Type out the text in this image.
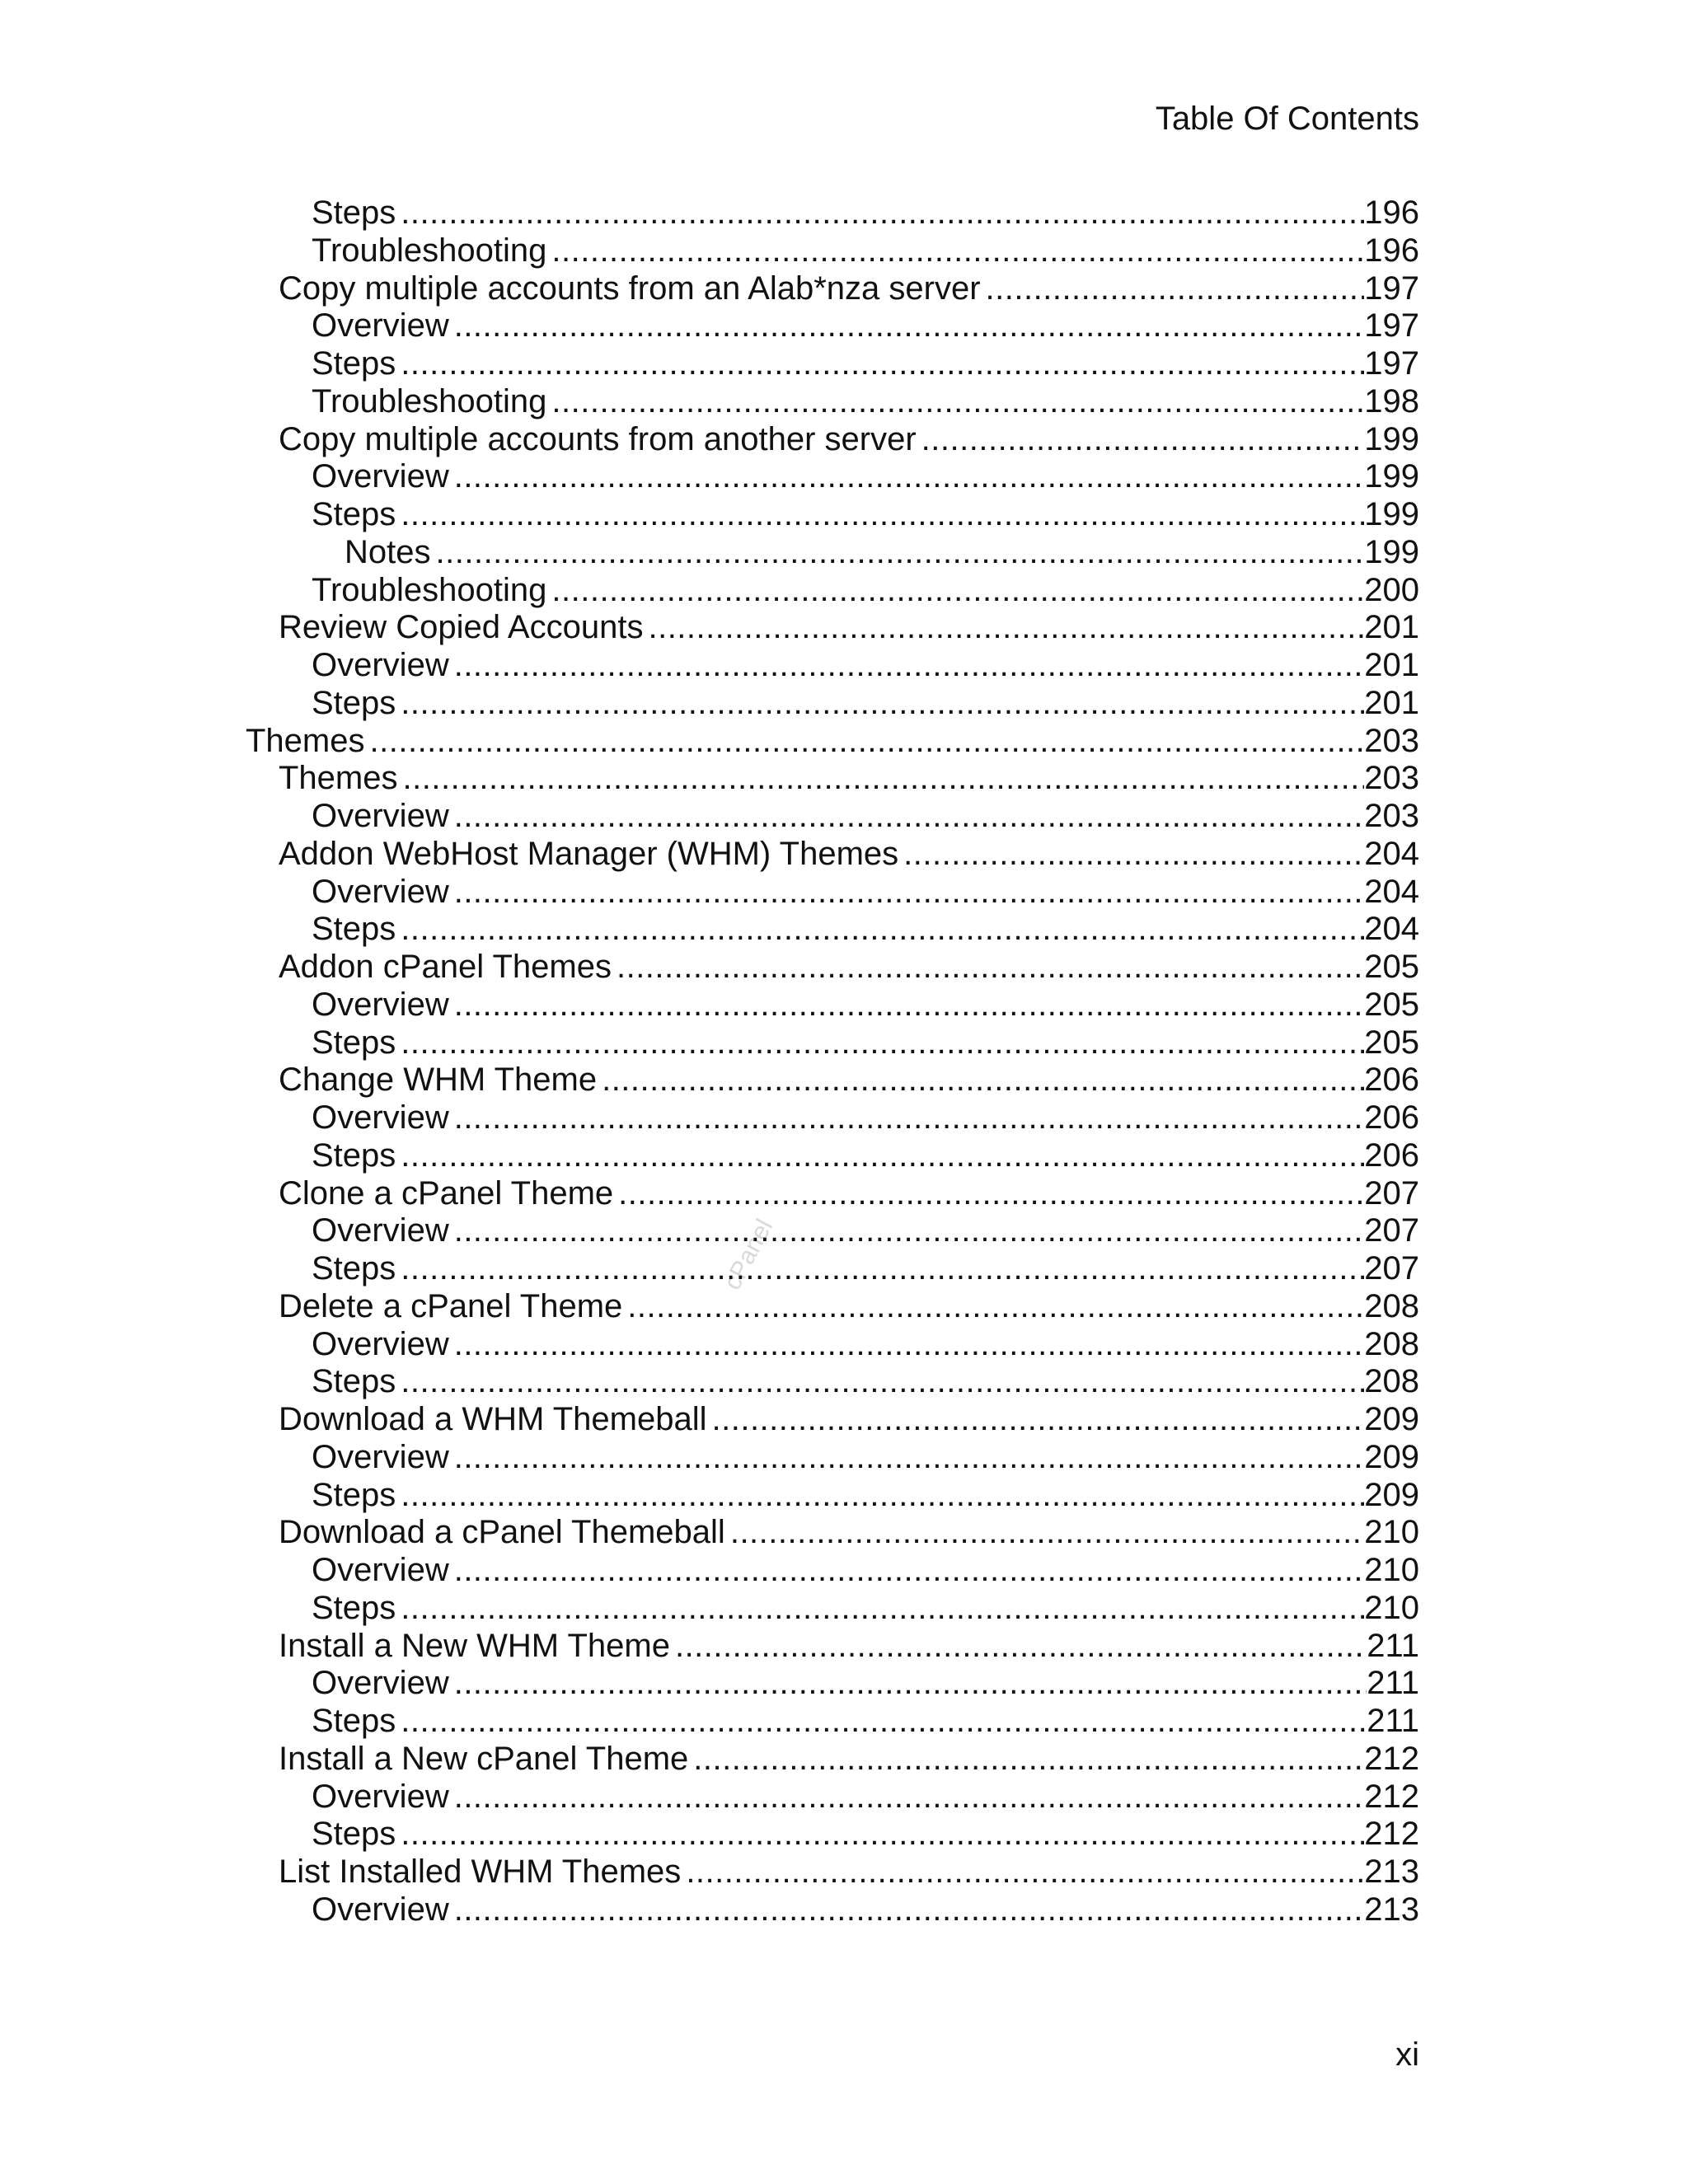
Table Of Contents
cPanel
Steps .....	196
Troubleshooting .....	196
Copy multiple accounts from an Alab*nza server .....	197
Overview .....	197
Steps .....	197
Troubleshooting .....	198
Copy multiple accounts from another server .....	199
Overview .....	199
Steps .....	199
Notes .....	199
Troubleshooting .....	200
Review Copied Accounts .....	201
Overview .....	201
Steps .....	201
Themes .....	203
Themes .....	203
Overview .....	203
Addon WebHost Manager (WHM) Themes .....	204
Overview .....	204
Steps .....	204
Addon cPanel Themes .....	205
Overview .....	205
Steps .....	205
Change WHM Theme .....	206
Overview .....	206
Steps .....	206
Clone a cPanel Theme .....	207
Overview .....	207
Steps .....	207
Delete a cPanel Theme .....	208
Overview .....	208
Steps .....	208
Download a WHM Themeball .....	209
Overview .....	209
Steps .....	209
Download a cPanel Themeball .....	210
Overview .....	210
Steps .....	210
Install a New WHM Theme .....	211
Overview .....	211
Steps .....	211
Install a New cPanel Theme .....	212
Overview .....	212
Steps .....	212
List Installed WHM Themes .....	213
Overview .....	213
xi
